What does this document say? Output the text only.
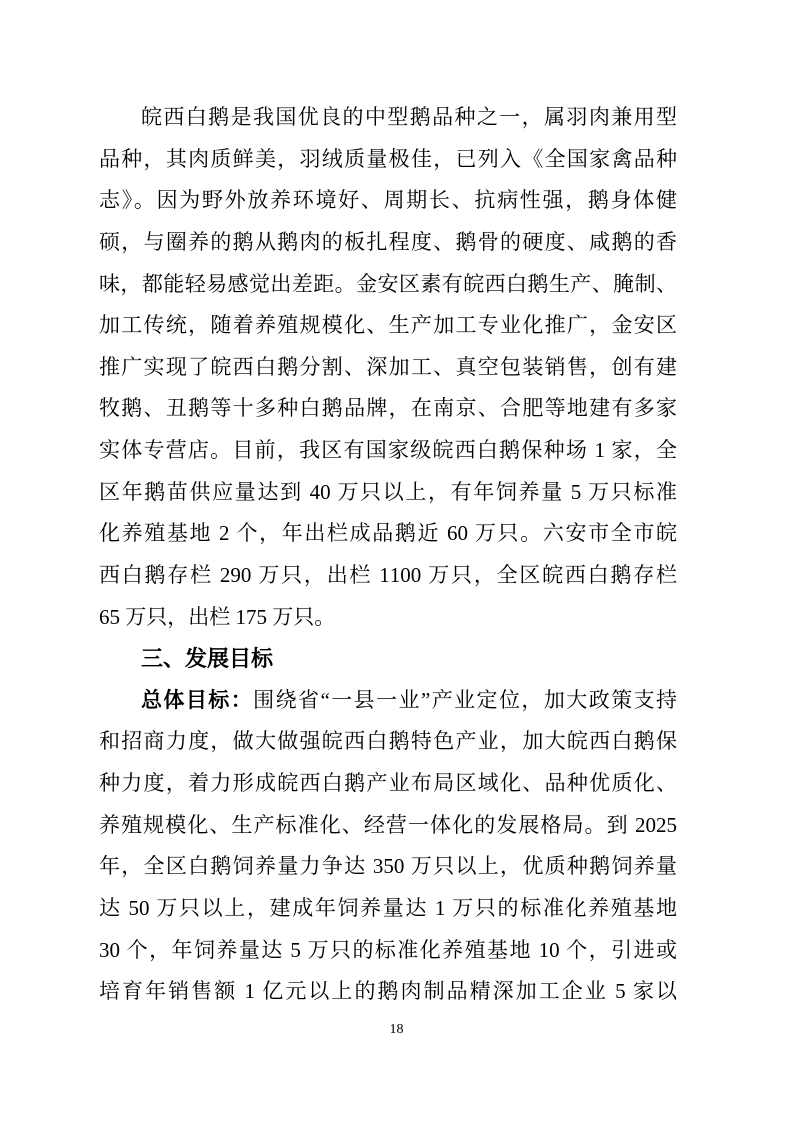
皖西白鹅是我国优良的中型鹅品种之一，属羽肉兼用型
品种，其肉质鲜美，羽绒质量极佳，已列入《全国家禽品种
志》。因为野外放养环境好、周期长、抗病性强，鹅身体健
硕，与圈养的鹅从鹅肉的板扎程度、鹅骨的硬度、咸鹅的香
味，都能轻易感觉出差距。金安区素有皖西白鹅生产、腌制、
加工传统，随着养殖规模化、生产加工专业化推广，金安区
推广实现了皖西白鹅分割、深加工、真空包装销售，创有建
牧鹅、丑鹅等十多种白鹅品牌，在南京、合肥等地建有多家
实体专营店。目前，我区有国家级皖西白鹅保种场 1 家，全
区年鹅苗供应量达到 40 万只以上，有年饲养量 5 万只标准
化养殖基地 2 个，年出栏成品鹅近 60 万只。六安市全市皖
西白鹅存栏 290 万只，出栏 1100 万只，全区皖西白鹅存栏
65 万只，出栏 175 万只。
三、发展目标
总体目标：围绕省“一县一业”产业定位，加大政策支持
和招商力度，做大做强皖西白鹅特色产业，加大皖西白鹅保
种力度，着力形成皖西白鹅产业布局区域化、品种优质化、
养殖规模化、生产标准化、经营一体化的发展格局。到 2025
年，全区白鹅饲养量力争达 350 万只以上，优质种鹅饲养量
达 50 万只以上，建成年饲养量达 1 万只的标准化养殖基地
30 个，年饲养量达 5 万只的标准化养殖基地 10 个，引进或
培育年销售额 1 亿元以上的鹅肉制品精深加工企业 5 家以
18
